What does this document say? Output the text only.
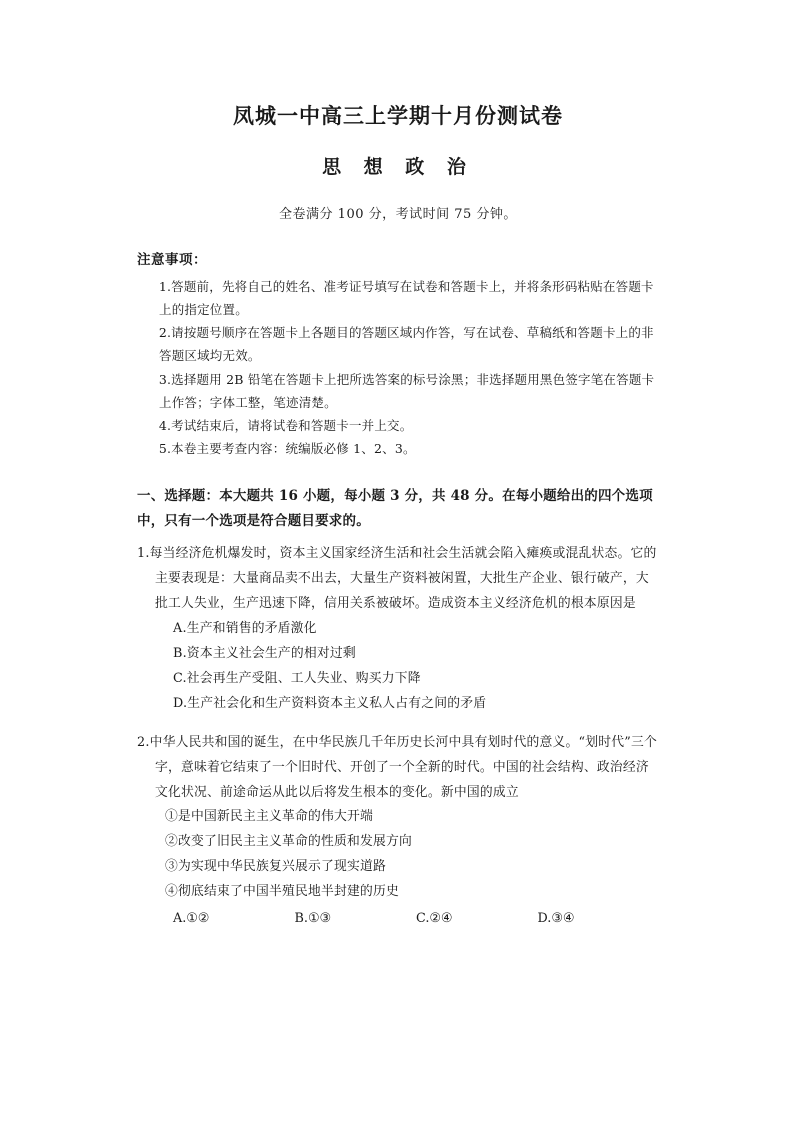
凤城一中高三上学期十月份测试卷
思 想 政 治
全卷满分 100 分，考试时间 75 分钟。
注意事项：
1.答题前，先将自己的姓名、准考证号填写在试卷和答题卡上，并将条形码粘贴在答题卡上的指定位置。
2.请按题号顺序在答题卡上各题目的答题区域内作答，写在试卷、草稿纸和答题卡上的非答题区域均无效。
3.选择题用 2B 铅笔在答题卡上把所选答案的标号涂黑；非选择题用黑色签字笔在答题卡上作答；字体工整，笔迹清楚。
4.考试结束后，请将试卷和答题卡一并上交。
5.本卷主要考查内容：统编版必修 1、2、3。
一、选择题：本大题共 16 小题，每小题 3 分，共 48 分。在每小题给出的四个选项中，只有一个选项是符合题目要求的。
1.每当经济危机爆发时，资本主义国家经济生活和社会生活就会陷入瘫痪或混乱状态。它的主要表现是：大量商品卖不出去，大量生产资料被闲置，大批生产企业、银行破产，大批工人失业，生产迅速下降，信用关系被破坏。造成资本主义经济危机的根本原因是
A.生产和销售的矛盾激化
B.资本主义社会生产的相对过剩
C.社会再生产受阻、工人失业、购买力下降
D.生产社会化和生产资料资本主义私人占有之间的矛盾
2.中华人民共和国的诞生，在中华民族几千年历史长河中具有划时代的意义。“划时代”三个字，意味着它结束了一个旧时代、开创了一个全新的时代。中国的社会结构、政治经济文化状况、前途命运从此以后将发生根本的变化。新中国的成立
①是中国新民主主义革命的伟大开端
②改变了旧民主主义革命的性质和发展方向
③为实现中华民族复兴展示了现实道路
④彻底结束了中国半殖民地半封建的历史
A.①②	B.①③	C.②④	D.③④
